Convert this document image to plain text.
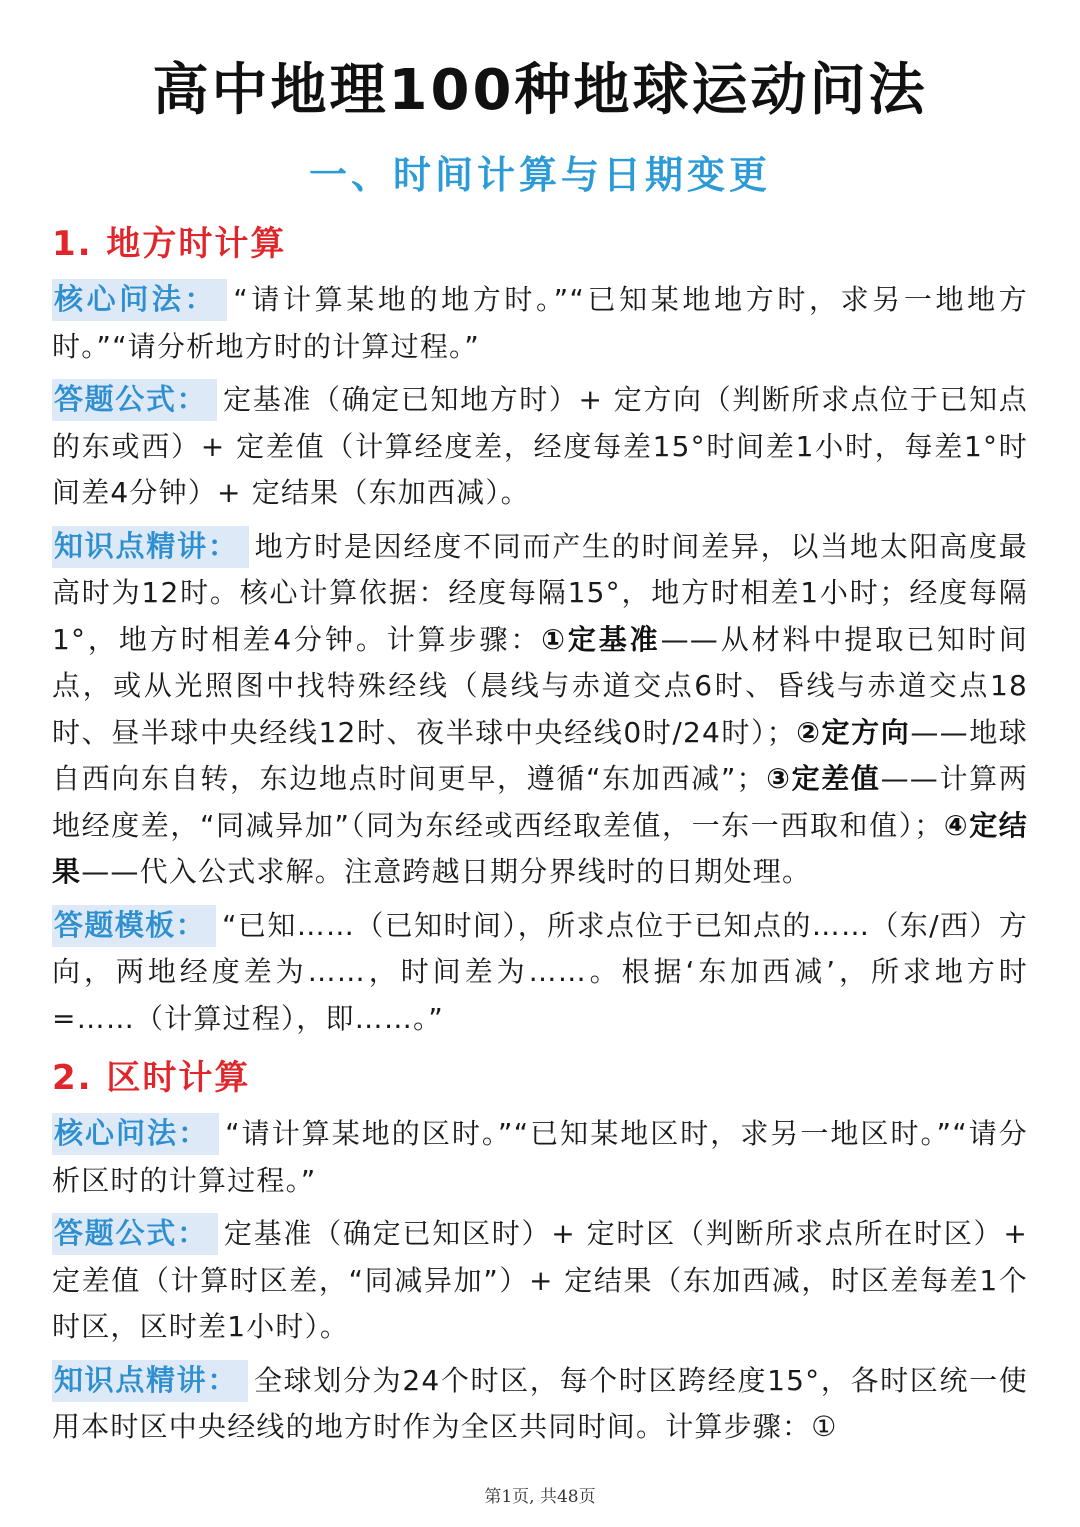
高中地理100种地球运动问法
一、时间计算与日期变更
1. 地方时计算

核心问法： “请计算某地的地方时。”“已知某地地方时，求另一地地方时。”“请分析地方时的计算过程。”

答题公式： 定基准（确定已知地方时）+ 定方向（判断所求点位于已知点的东或西）+ 定差值（计算经度差，经度每差15°时间差1小时，每差1°时间差4分钟）+ 定结果（东加西减）。

知识点精讲： 地方时是因经度不同而产生的时间差异，以当地太阳高度最高时为12时。核心计算依据：经度每隔15°，地方时相差1小时；经度每隔1°，地方时相差4分钟。计算步骤：①定基准——从材料中提取已知时间点，或从光照图中找特殊经线（晨线与赤道交点6时、昏线与赤道交点18时、昼半球中央经线12时、夜半球中央经线0时/24时）；②定方向——地球自西向东自转，东边地点时间更早，遵循“东加西减”；③定差值——计算两地经度差，“同减异加”（同为东经或西经取差值，一东一西取和值）；④定结果——代入公式求解。注意跨越日期分界线时的日期处理。

答题模板： “已知……（已知时间），所求点位于已知点的……（东/西）方向，两地经度差为……，时间差为……。根据‘东加西减’，所求地方时=……（计算过程），即……。”

2. 区时计算

核心问法： “请计算某地的区时。”“已知某地区时，求另一地区时。”“请分析区时的计算过程。”

答题公式： 定基准（确定已知区时）+ 定时区（判断所求点所在时区）+ 定差值（计算时区差，“同减异加”）+ 定结果（东加西减，时区差每差1个时区，区时差1小时）。

知识点精讲： 全球划分为24个时区，每个时区跨经度15°，各时区统一使用本时区中央经线的地方时作为全区共同时间。计算步骤：①

第1页, 共48页
